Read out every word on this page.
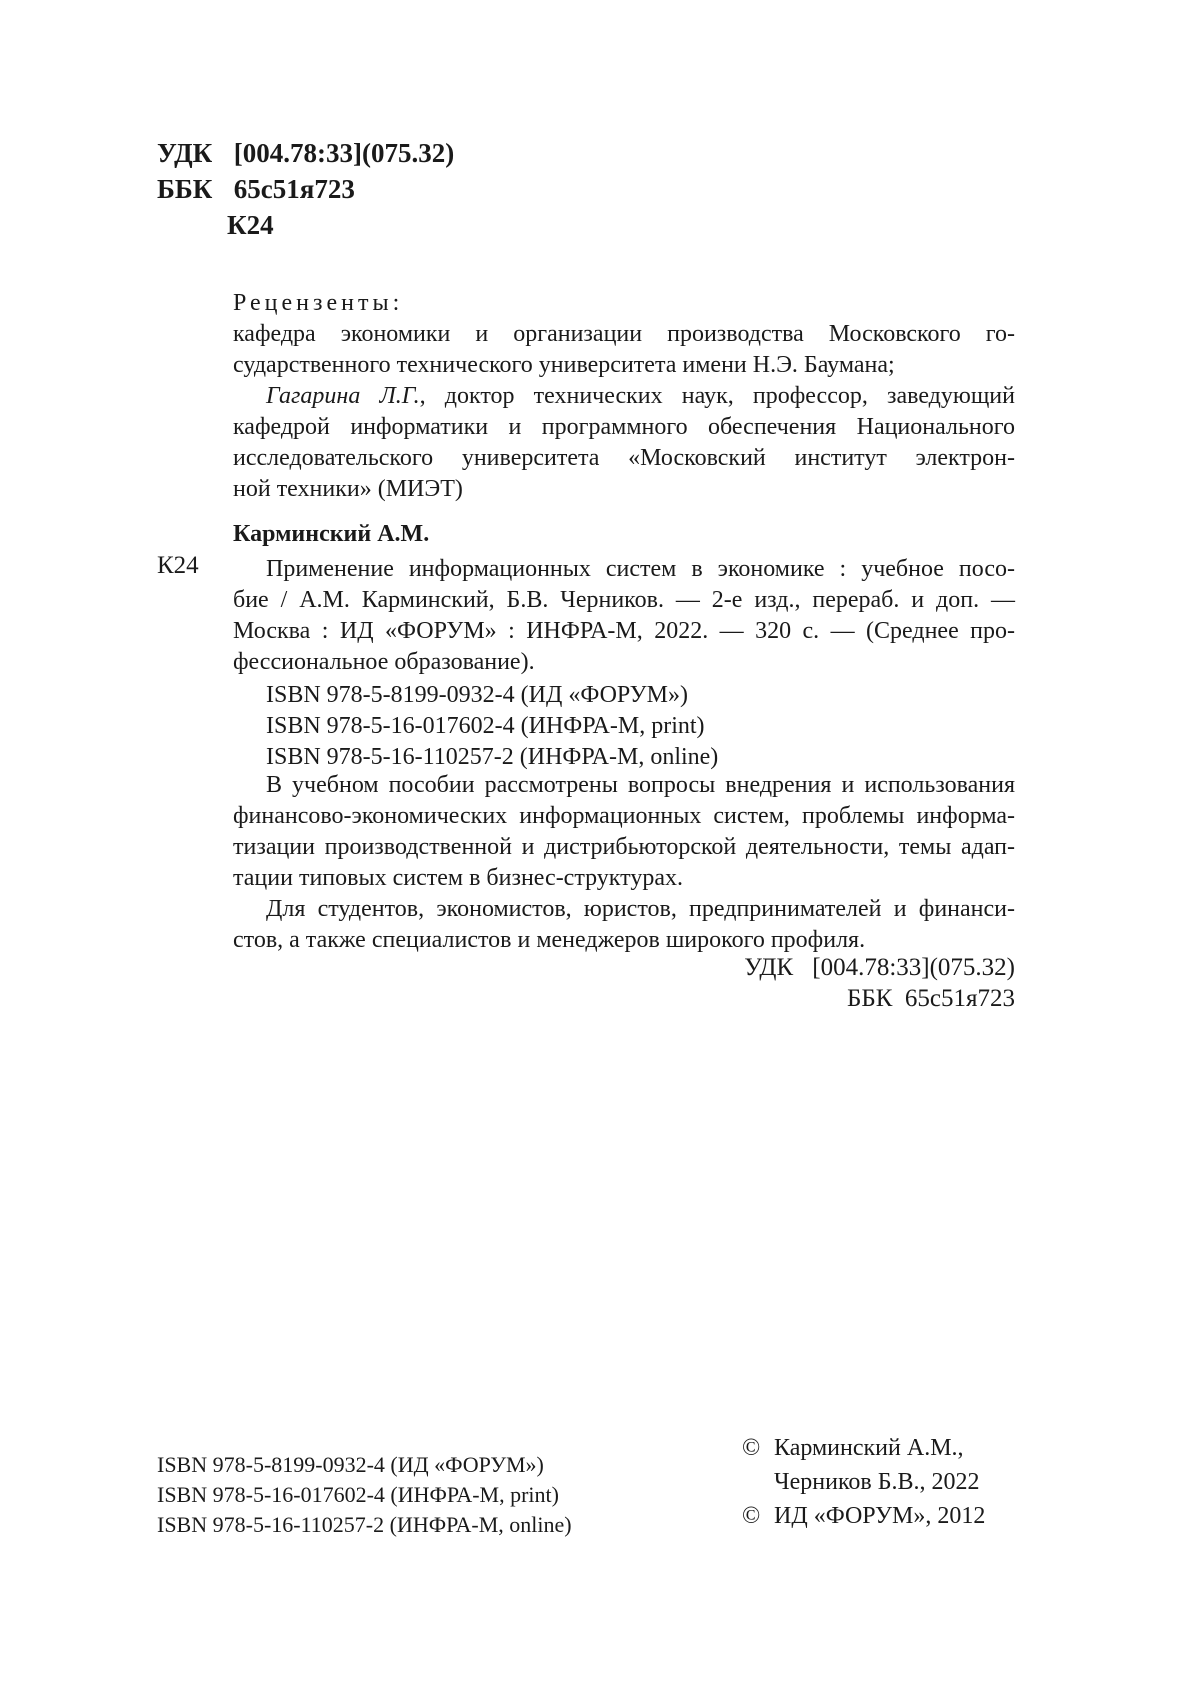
УДК [004.78:33](075.32)
ББК 65с51я723
К24
Рецензенты:
кафедра экономики и организации производства Московского го-
сударственного технического университета имени Н.Э. Баумана;
Гагарина Л.Г., доктор технических наук, профессор, заведующий
кафедрой информатики и программного обеспечения Национального
исследовательского университета «Московский институт электрон-
ной техники» (МИЭТ)
Карминский А.М.
К24	Применение информационных систем в экономике : учебное посо-
бие / А.М. Карминский, Б.В. Черников. — 2-е изд., перераб. и доп. —
Москва : ИД «ФОРУМ» : ИНФРА-М, 2022. — 320 с. — (Среднее про-
фессиональное образование).
ISBN 978-5-8199-0932-4 (ИД «ФОРУМ»)
ISBN 978-5-16-017602-4 (ИНФРА-М, print)
ISBN 978-5-16-110257-2 (ИНФРА-М, online)
В учебном пособии рассмотрены вопросы внедрения и использования
финансово-экономических информационных систем, проблемы информа-
тизации производственной и дистрибьюторской деятельности, темы адап-
тации типовых систем в бизнес-структурах.
Для студентов, экономистов, юристов, предпринимателей и финанси-
стов, а также специалистов и менеджеров широкого профиля.
УДК [004.78:33](075.32)
ББК 65с51я723
ISBN 978-5-8199-0932-4 (ИД «ФОРУМ»)
ISBN 978-5-16-017602-4 (ИНФРА-М, print)
ISBN 978-5-16-110257-2 (ИНФРА-М, online)
© Карминский А.М.,
Черников Б.В., 2022
© ИД «ФОРУМ», 2012
